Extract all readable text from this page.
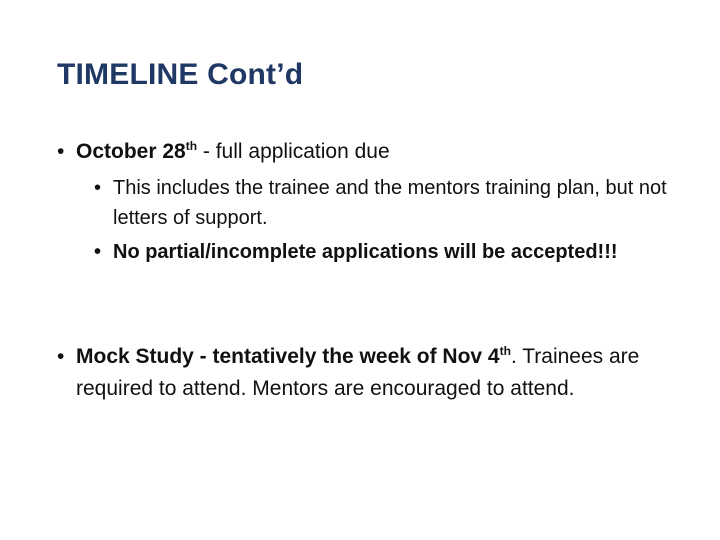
TIMELINE Cont’d
• October 28th - full application due
• This includes the trainee and the mentors training plan, but not letters of support.
• No partial/incomplete applications will be accepted!!!
• Mock Study - tentatively the week of Nov 4th. Trainees are required to attend. Mentors are encouraged to attend.
